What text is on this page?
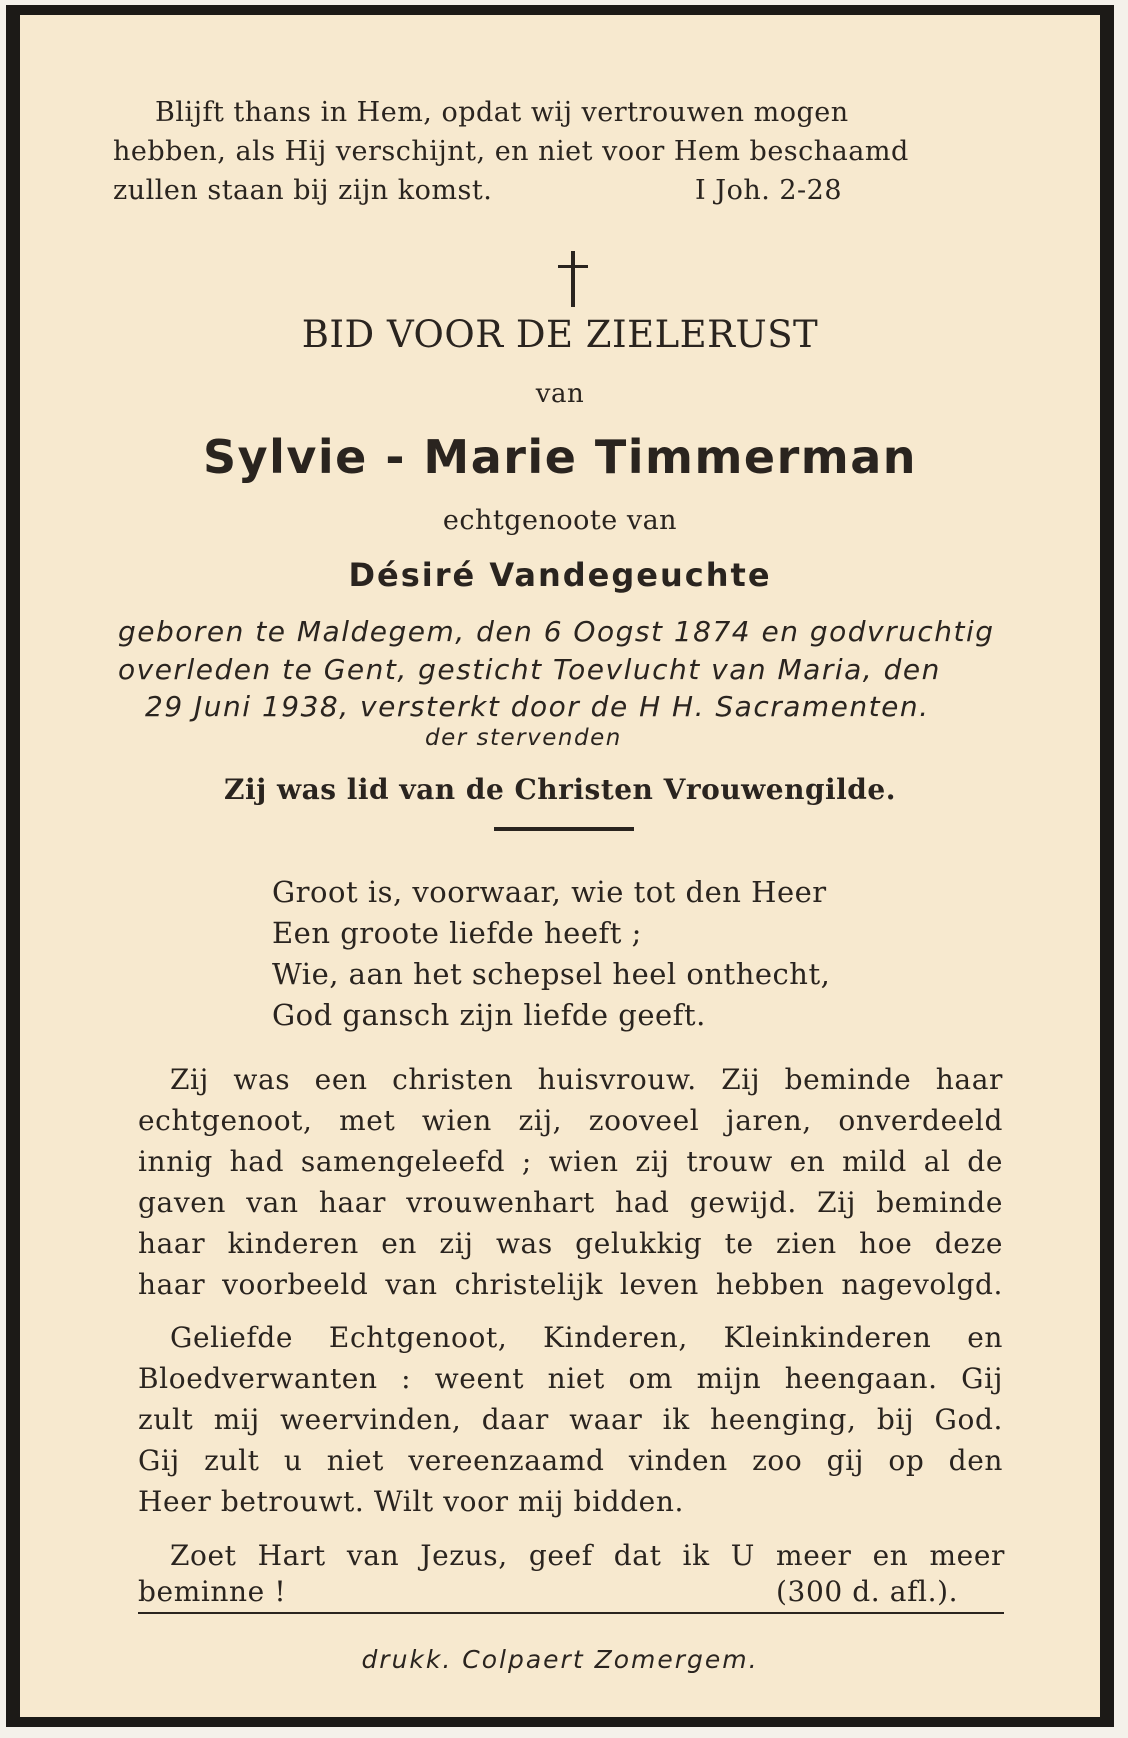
Blijft thans in Hem, opdat wij vertrouwen mogen
hebben, als Hij verschijnt, en niet voor Hem beschaamd
zullen staan bij zijn komst.	I Joh. 2-28
BID VOOR DE ZIELERUST
van
Sylvie - Marie Timmerman
echtgenoote van
Désiré Vandegeuchte
geboren te Maldegem, den 6 Oogst 1874 en godvruchtig
overleden te Gent, gesticht Toevlucht van Maria, den
29 Juni 1938, versterkt door de H H. Sacramenten.
der stervenden
Zij was lid van de Christen Vrouwengilde.
Groot is, voorwaar, wie tot den Heer
Een groote liefde heeft ;
Wie, aan het schepsel heel onthecht,
God gansch zijn liefde geeft.
Zij was een christen huisvrouw. Zij beminde haar
echtgenoot, met wien zij, zooveel jaren, onverdeeld
innig had samengeleefd ; wien zij trouw en mild al de
gaven van haar vrouwenhart had gewijd. Zij beminde
haar kinderen en zij was gelukkig te zien hoe deze
haar voorbeeld van christelijk leven hebben nagevolgd.
Geliefde Echtgenoot, Kinderen, Kleinkinderen en
Bloedverwanten : weent niet om mijn heengaan. Gij
zult mij weervinden, daar waar ik heenging, bij God.
Gij zult u niet vereenzaamd vinden zoo gij op den
Heer betrouwt. Wilt voor mij bidden.
Zoet Hart van Jezus, geef dat ik U meer en meer
beminne !	(300 d. afl.).
drukk. Colpaert Zomergem.
